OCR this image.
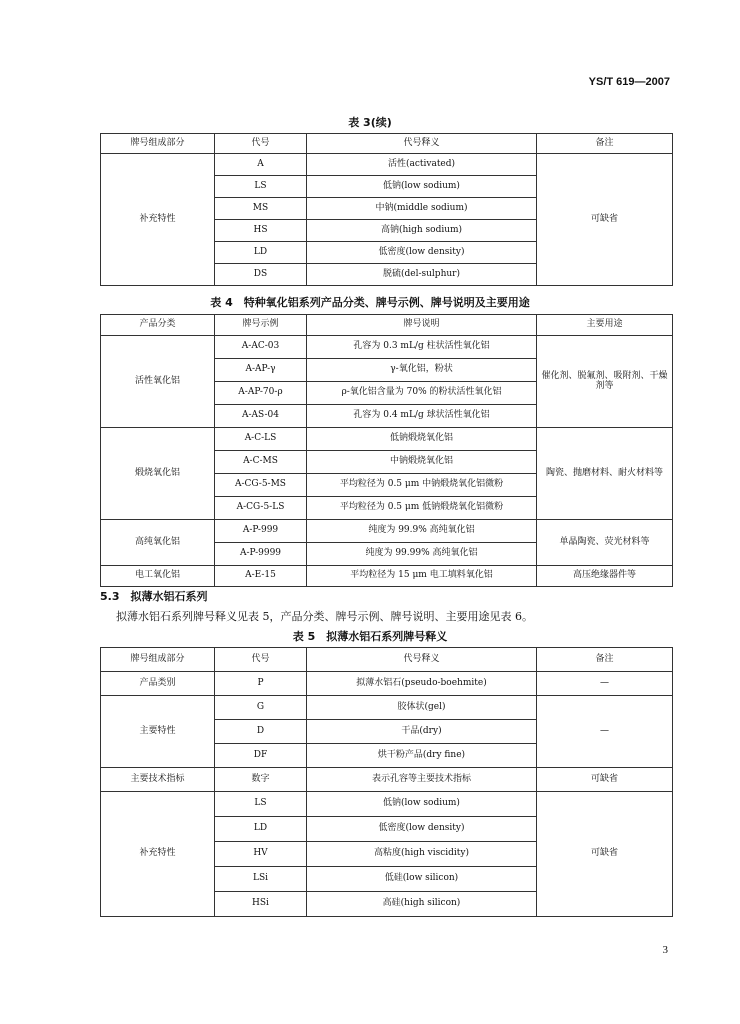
YS/T 619—2007
表 3(续)
牌号组成部分	代号	代号释义	备注
补充特性	A	活性(activated)	可缺省
	LS	低钠(low sodium)	
	MS	中钠(middle sodium)	
	HS	高钠(high sodium)	
	LD	低密度(low density)	
	DS	脱硫(del-sulphur)	
表 4　特种氧化铝系列产品分类、牌号示例、牌号说明及主要用途
产品分类	牌号示例	牌号说明	主要用途
活性氧化铝	A-AC-03	孔容为 0.3 mL/g 柱状活性氧化铝	催化剂、脱氟剂、吸附剂、干燥剂等
	A-AP-γ	γ-氧化铝，粉状	
	A-AP-70-ρ	ρ-氧化铝含量为 70% 的粉状活性氧化铝	
	A-AS-04	孔容为 0.4 mL/g 球状活性氧化铝	
煅烧氧化铝	A-C-LS	低钠煅烧氧化铝	陶瓷、抛磨材料、耐火材料等
	A-C-MS	中钠煅烧氧化铝	
	A-CG-5-MS	平均粒径为 0.5 μm 中钠煅烧氧化铝微粉	
	A-CG-5-LS	平均粒径为 0.5 μm 低钠煅烧氧化铝微粉	
高纯氧化铝	A-P-999	纯度为 99.9% 高纯氧化铝	单晶陶瓷、荧光材料等
	A-P-9999	纯度为 99.99% 高纯氧化铝	
电工氧化铝	A-E-15	平均粒径为 15 μm 电工填料氧化铝	高压绝缘器件等
5.3　拟薄水铝石系列
拟薄水铝石系列牌号释义见表 5，产品分类、牌号示例、牌号说明、主要用途见表 6。
表 5　拟薄水铝石系列牌号释义
牌号组成部分	代号	代号释义	备注
产品类别	P	拟薄水铝石(pseudo-boehmite)	—
主要特性	G	胶体状(gel)	—
	D	干品(dry)	
	DF	烘干粉产品(dry fine)	
主要技术指标	数字	表示孔容等主要技术指标	可缺省
补充特性	LS	低钠(low sodium)	可缺省
	LD	低密度(low density)	
	HV	高粘度(high viscidity)	
	LSi	低硅(low silicon)	
	HSi	高硅(high silicon)	
3
